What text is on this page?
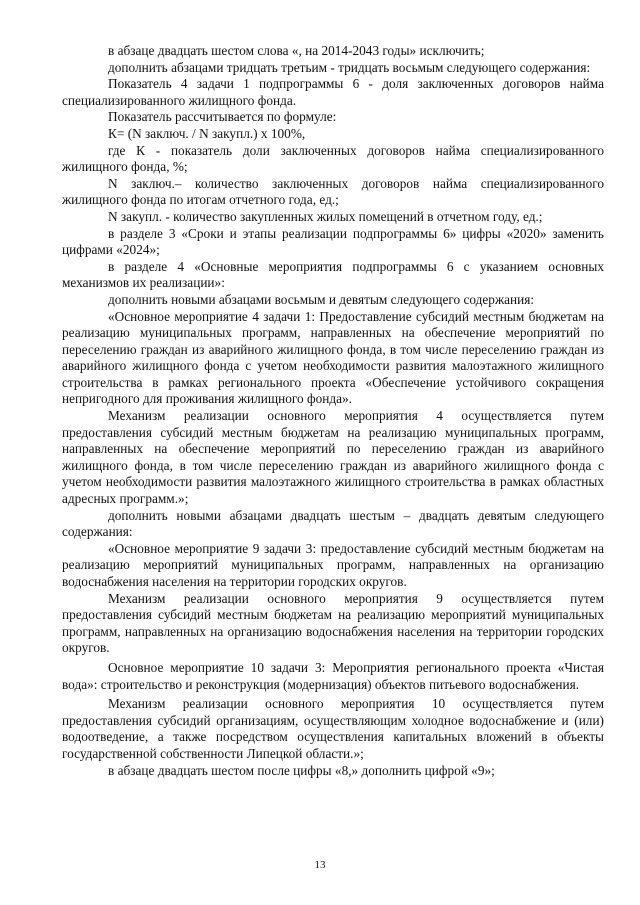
в абзаце двадцать шестом слова «, на 2014-2043 годы» исключить;

дополнить абзацами тридцать третьим - тридцать восьмым следующего содержания:

Показатель 4 задачи 1 подпрограммы 6 - доля заключенных договоров найма специализированного жилищного фонда.

Показатель рассчитывается по формуле:

К= (N заключ. / N закупл.) x 100%,

где К - показатель доли заключенных договоров найма специализированного жилищного фонда, %;

N заключ.– количество заключенных договоров найма специализированного жилищного фонда по итогам отчетного года, ед.;

N закупл. - количество закупленных жилых помещений в отчетном году, ед.;

в разделе 3 «Сроки и этапы реализации подпрограммы 6» цифры «2020» заменить цифрами «2024»;

в разделе 4 «Основные мероприятия подпрограммы 6 с указанием основных механизмов их реализации»:

дополнить новыми абзацами восьмым и девятым следующего содержания:

«Основное мероприятие 4 задачи 1: Предоставление субсидий местным бюджетам на реализацию муниципальных программ, направленных на обеспечение мероприятий по переселению граждан из аварийного жилищного фонда, в том числе переселению граждан из аварийного жилищного фонда с учетом необходимости развития малоэтажного жилищного строительства в рамках регионального проекта «Обеспечение устойчивого сокращения непригодного для проживания жилищного фонда».

Механизм реализации основного мероприятия 4 осуществляется путем предоставления субсидий местным бюджетам на реализацию муниципальных программ, направленных на обеспечение мероприятий по переселению граждан из аварийного жилищного фонда, в том числе переселению граждан из аварийного жилищного фонда с учетом необходимости развития малоэтажного жилищного строительства в рамках областных адресных программ.»;

дополнить новыми абзацами двадцать шестым – двадцать девятым следующего содержания:

«Основное мероприятие 9 задачи 3: предоставление субсидий местным бюджетам на реализацию мероприятий муниципальных программ, направленных на организацию водоснабжения населения на территории городских округов.

Механизм реализации основного мероприятия 9 осуществляется путем предоставления субсидий местным бюджетам на реализацию мероприятий муниципальных программ, направленных на организацию водоснабжения населения на территории городских округов.

Основное мероприятие 10 задачи 3: Мероприятия регионального проекта «Чистая вода»: строительство и реконструкция (модернизация) объектов питьевого водоснабжения.

Механизм реализации основного мероприятия 10 осуществляется путем предоставления субсидий организациям, осуществляющим холодное водоснабжение и (или) водоотведение, а также посредством осуществления капитальных вложений в объекты государственной собственности Липецкой области.»;

в абзаце двадцать шестом после цифры «8,» дополнить цифрой «9»;

13
